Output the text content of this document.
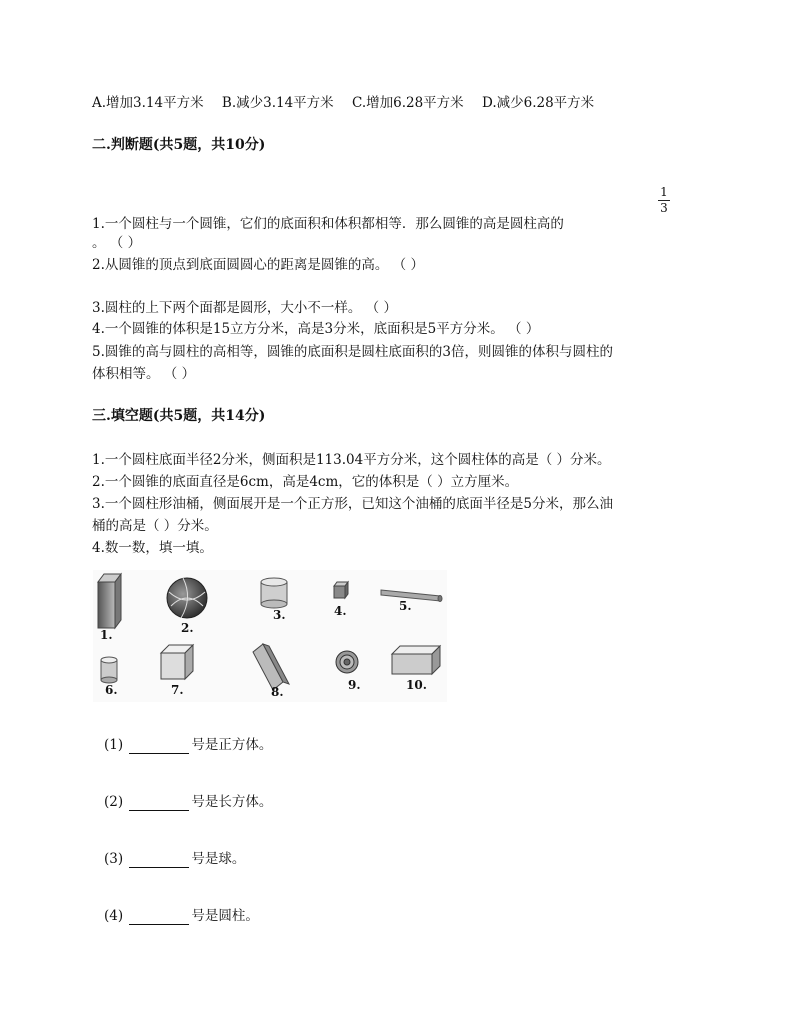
A.增加3.14平方米 B.减少3.14平方米 C.增加6.28平方米 D.减少6.28平方米
二.判断题(共5题，共10分)
1
3
1.一个圆柱与一个圆锥，它们的底面积和体积都相等．那么圆锥的高是圆柱高的
。 （ ）
2.从圆锥的顶点到底面圆圆心的距离是圆锥的高。 （ ）
3.圆柱的上下两个面都是圆形，大小不一样。 （ ）
4.一个圆锥的体积是15立方分米，高是3分米，底面积是5平方分米。 （ ）
5.圆锥的高与圆柱的高相等，圆锥的底面积是圆柱底面积的3倍，则圆锥的体积与圆柱的
体积相等。 （ ）
三.填空题(共5题，共14分)
1.一个圆柱底面半径2分米，侧面积是113.04平方分米，这个圆柱体的高是（ ）分米。
2.一个圆锥的底面直径是6cm，高是4cm，它的体积是（ ）立方厘米。
3.一个圆柱形油桶，侧面展开是一个正方形，已知这个油桶的底面半径是5分米，那么油
桶的高是（ ）分米。
4.数一数，填一填。
1.	2.
3.	4.	5.
6.	7.	8.	9.	10.
(1)	号是正方体。
(2)	号是长方体。
(3)	号是球。
(4)	号是圆柱。
